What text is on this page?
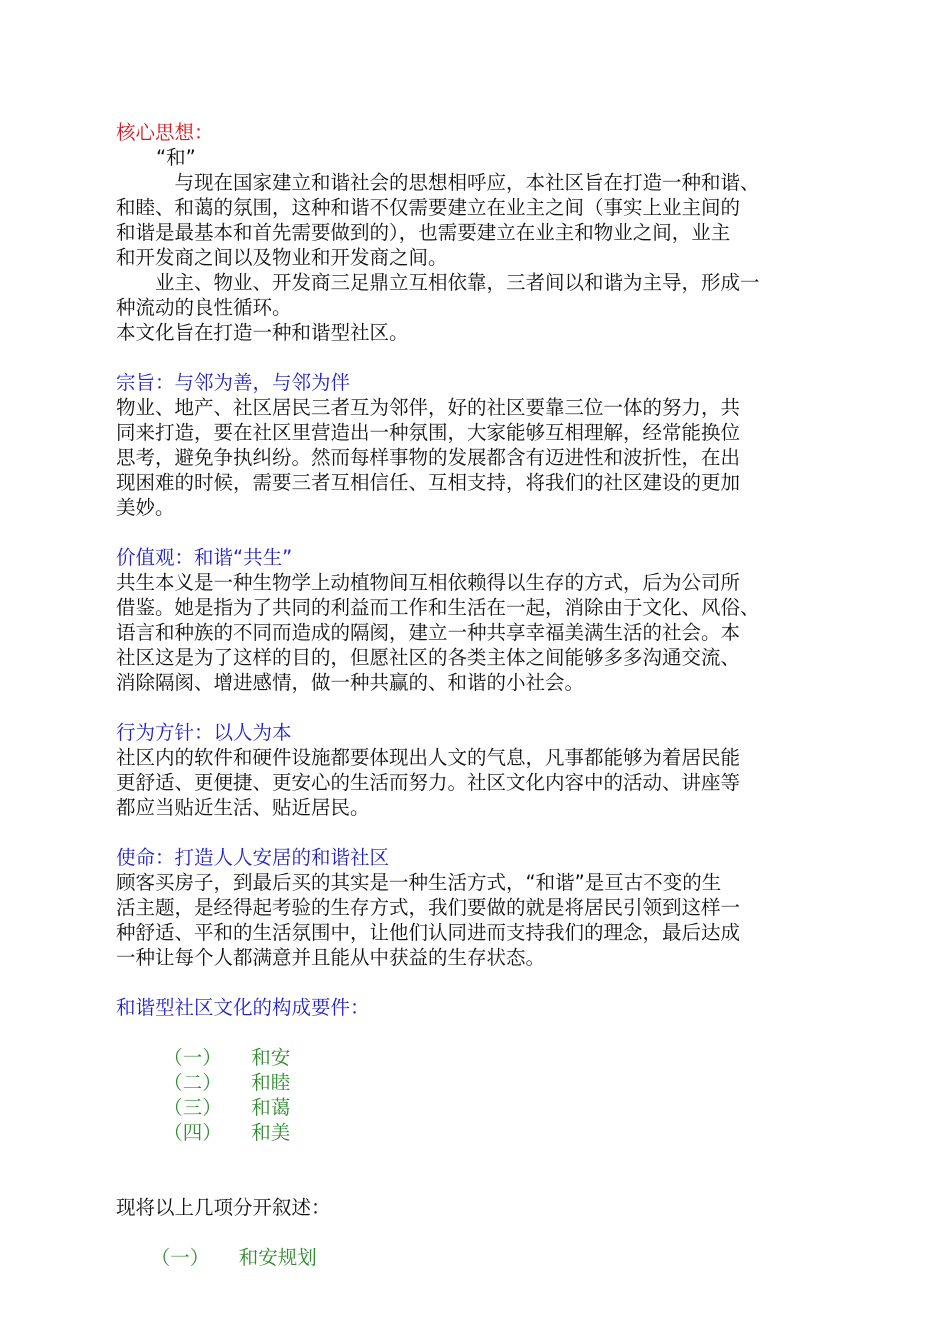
核心思想：
“和”
　　　与现在国家建立和谐社会的思想相呼应，本社区旨在打造一种和谐、
和睦、和蔼的氛围，这种和谐不仅需要建立在业主之间（事实上业主间的
和谐是最基本和首先需要做到的），也需要建立在业主和物业之间，业主
和开发商之间以及物业和开发商之间。
　　业主、物业、开发商三足鼎立互相依靠，三者间以和谐为主导，形成一
种流动的良性循环。
本文化旨在打造一种和谐型社区。
宗旨：与邻为善，与邻为伴
物业、地产、社区居民三者互为邻伴，好的社区要靠三位一体的努力，共
同来打造，要在社区里营造出一种氛围，大家能够互相理解，经常能换位
思考，避免争执纠纷。然而每样事物的发展都含有迈进性和波折性，在出
现困难的时候，需要三者互相信任、互相支持，将我们的社区建设的更加
美妙。
价值观：和谐“共生”
共生本义是一种生物学上动植物间互相依赖得以生存的方式，后为公司所
借鉴。她是指为了共同的利益而工作和生活在一起，消除由于文化、风俗、
语言和种族的不同而造成的隔阂，建立一种共享幸福美满生活的社会。本
社区这是为了这样的目的，但愿社区的各类主体之间能够多多沟通交流、
消除隔阂、增进感情，做一种共赢的、和谐的小社会。
行为方针：以人为本
社区内的软件和硬件设施都要体现出人文的气息，凡事都能够为着居民能
更舒适、更便捷、更安心的生活而努力。社区文化内容中的活动、讲座等
都应当贴近生活、贴近居民。
使命：打造人人安居的和谐社区
顾客买房子，到最后买的其实是一种生活方式，“和谐”是亘古不变的生
活主题，是经得起考验的生存方式，我们要做的就是将居民引领到这样一
种舒适、平和的生活氛围中，让他们认同进而支持我们的理念，最后达成
一种让每个人都满意并且能从中获益的生存状态。
和谐型社区文化的构成要件：

（一） 和安

（二） 和睦

（三） 和蔼

（四） 和美

现将以上几项分开叙述：

（一） 和安规划
